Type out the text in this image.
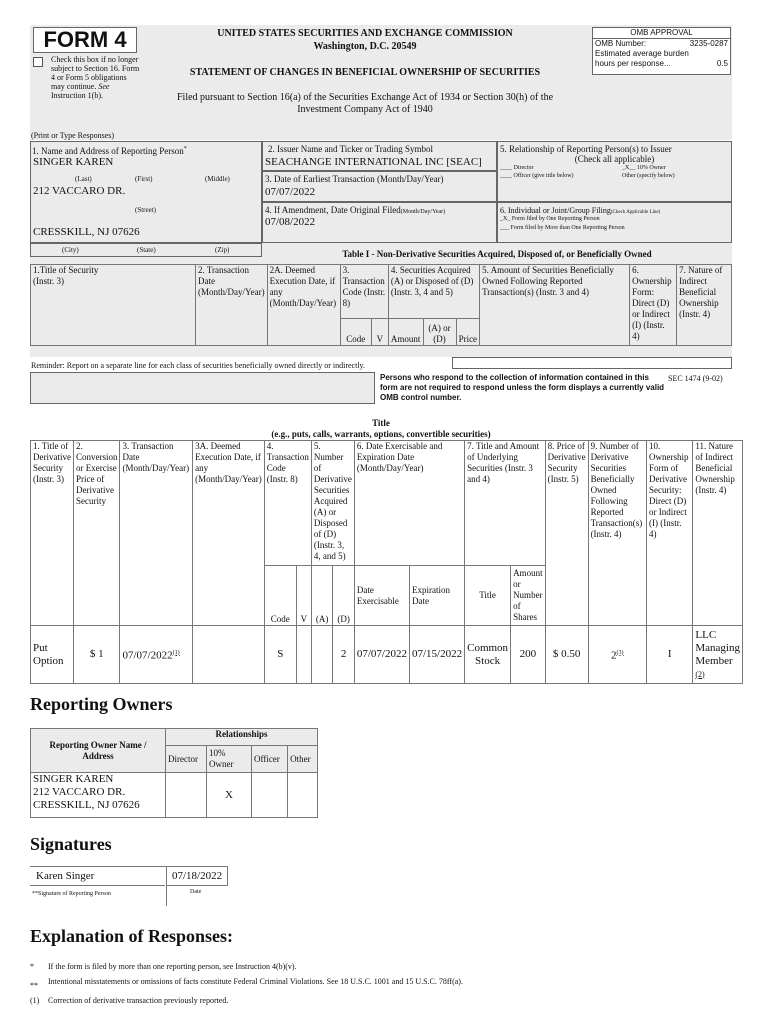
FORM 4
Check this box if no longer subject to Section 16. Form 4 or Form 5 obligations may continue. See Instruction 1(b).
UNITED STATES SECURITIES AND EXCHANGE COMMISSION
Washington, D.C. 20549
STATEMENT OF CHANGES IN BENEFICIAL OWNERSHIP OF SECURITIES
Filed pursuant to Section 16(a) of the Securities Exchange Act of 1934 or Section 30(h) of the
Investment Company Act of 1940
OMB APPROVAL
OMB Number:	3235-0287
Estimated average burden
hours per response...	0.5
(Print or Type Responses)
1. Name and Address of Reporting Person*
SINGER KAREN
(Last)	(First)	(Middle)
212 VACCARO DR.
(Street)
CRESSKILL, NJ 07626
(City)	(State)	(Zip)
2. Issuer Name and Ticker or Trading Symbol
SEACHANGE INTERNATIONAL INC [SEAC]
3. Date of Earliest Transaction (Month/Day/Year)
07/07/2022
4. If Amendment, Date Original Filed(Month/Day/Year)
07/08/2022
5. Relationship of Reporting Person(s) to Issuer
(Check all applicable)
____ Director	_X__ 10% Owner
____ Officer (give title below)	Other (specify below)
6. Individual or Joint/Group Filing(Check Applicable Line)
_X_ Form filed by One Reporting Person
___ Form filed by More than One Reporting Person
Table I - Non-Derivative Securities Acquired, Disposed of, or Beneficially Owned
1.Title of Security
(Instr. 3)	2. Transaction Date (Month/Day/Year)	2A. Deemed Execution Date, if any (Month/Day/Year)	3. Transaction Code (Instr. 8)		4. Securities Acquired (A) or Disposed of (D) (Instr. 3, 4 and 5)			5. Amount of Securities Beneficially Owned Following Reported Transaction(s) (Instr. 3 and 4)	6. Ownership Form: Direct (D) or Indirect (I) (Instr. 4)	7. Nature of Indirect Beneficial Ownership (Instr. 4)
			Code	V	Amount	(A) or (D)	Price			
Reminder: Report on a separate line for each class of securities beneficially owned directly or indirectly.
Persons who respond to the collection of information contained in this form are not required to respond unless the form displays a currently valid OMB control number.
SEC 1474 (9-02)
Title
(e.g., puts, calls, warrants, options, convertible securities)
1. Title of Derivative Security (Instr. 3)	2. Conversion or Exercise Price of Derivative Security	3. Transaction Date (Month/Day/Year)	3A. Deemed Execution Date, if any (Month/Day/Year)	4. Transaction Code (Instr. 8)		5. Number of Derivative Securities Acquired (A) or Disposed of (D) (Instr. 3, 4, and 5)		6. Date Exercisable and Expiration Date (Month/Day/Year)		7. Title and Amount of Underlying Securities (Instr. 3 and 4)		8. Price of Derivative Security (Instr. 5)	9. Number of Derivative Securities Beneficially Owned Following Reported Transaction(s) (Instr. 4)	10. Ownership Form of Derivative Security: Direct (D) or Indirect (I) (Instr. 4)	11. Nature of Indirect Beneficial Ownership (Instr. 4)
				Code	V	(A)	(D)	Date Exercisable	Expiration Date	Title	Amount or Number of Shares				
Put Option	$ 1	07/07/2022$^{(1)}$		S			2	07/07/2022	07/15/2022	Common Stock	200	$ 0.50	2$^{(3)}$	I	LLC Managing Member
(2)
Reporting Owners
Reporting Owner Name / Address	Relationships			
	Director	10% Owner	Officer	Other
SINGER KAREN
212 VACCARO DR.
CRESSKILL, NJ 07626		X		
Signatures
Karen Singer	07/18/2022
**Signature of Reporting Person	Date
Explanation of Responses:
*	If the form is filed by more than one reporting person, see Instruction 4(b)(v).
**	Intentional misstatements or omissions of facts constitute Federal Criminal Violations. See 18 U.S.C. 1001 and 15 U.S.C. 78ff(a).
(1)	Correction of derivative transaction previously reported.
